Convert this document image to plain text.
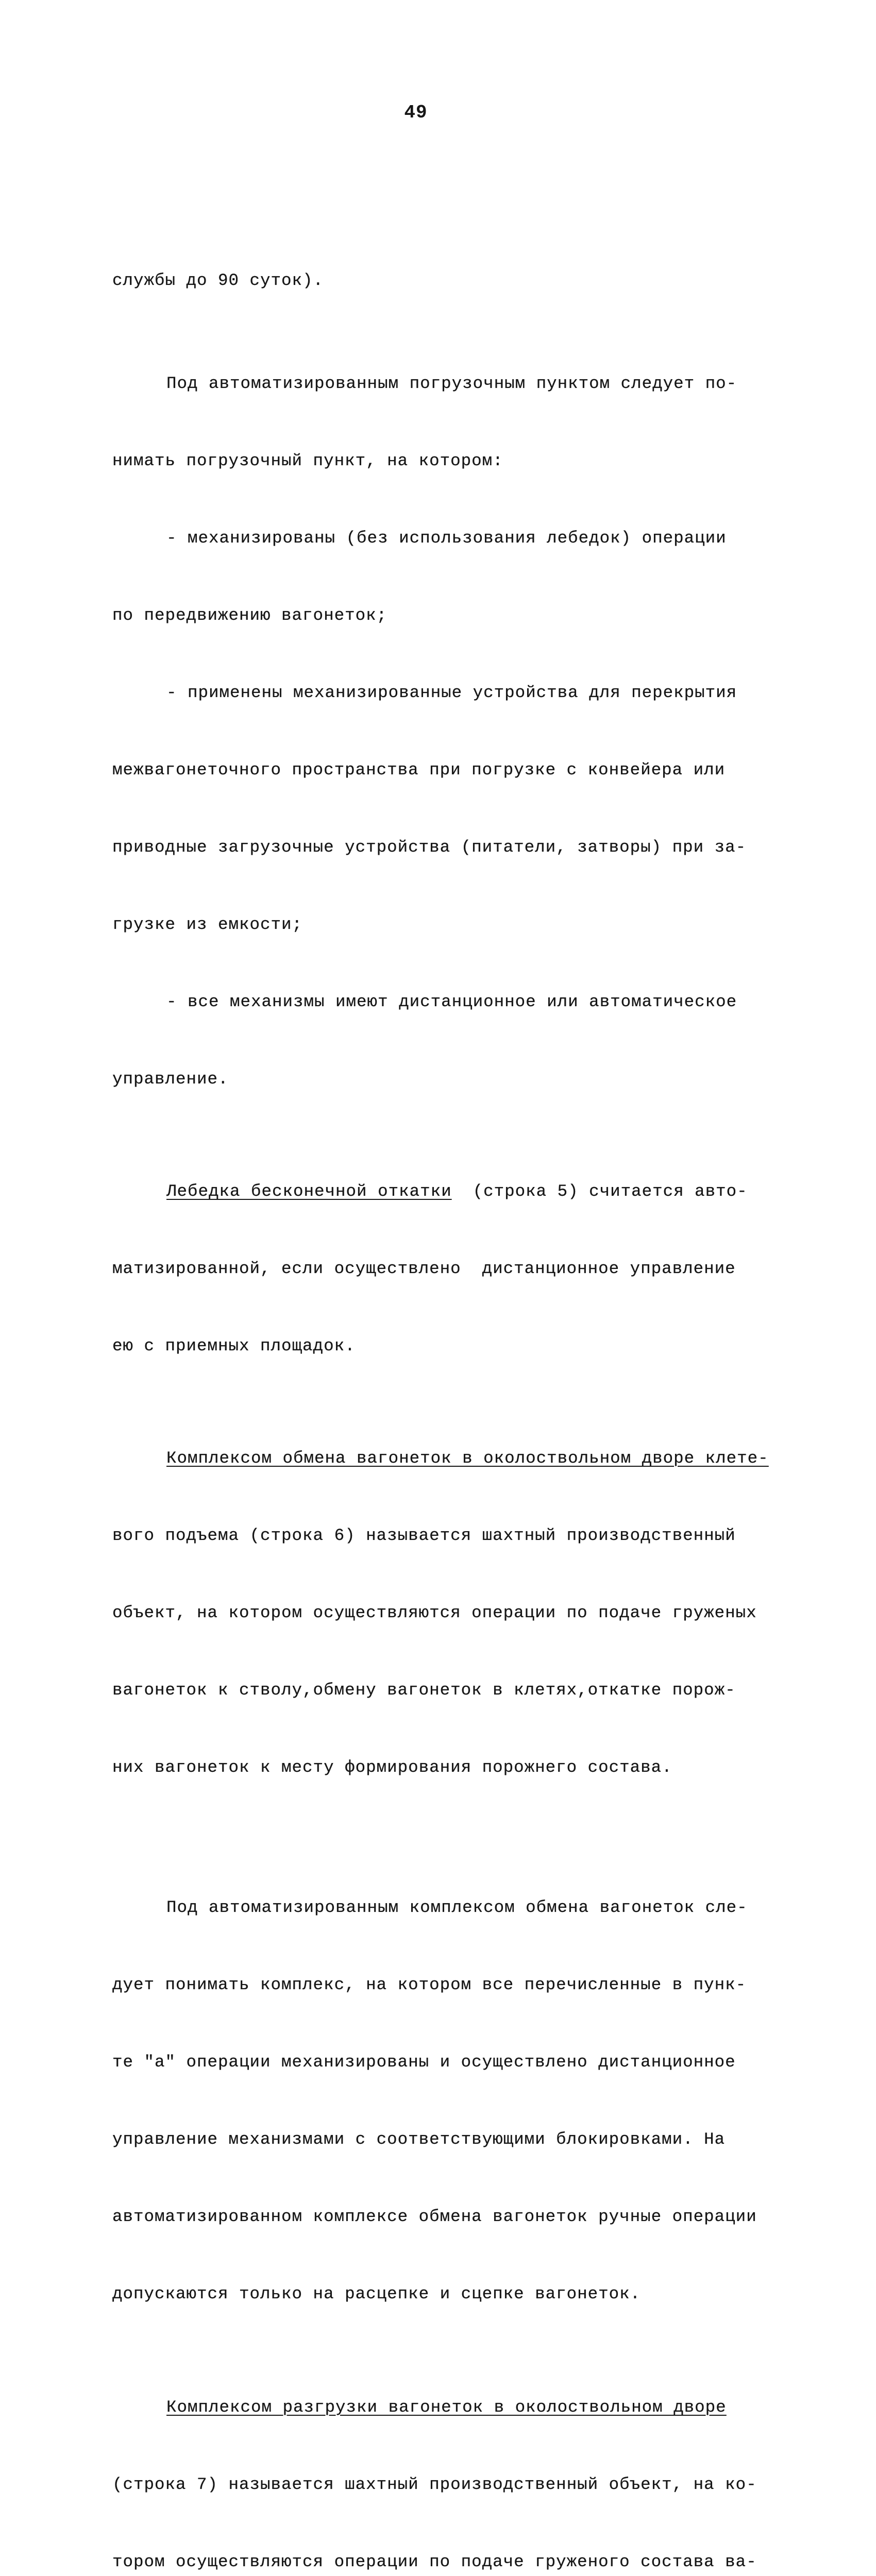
49

службы до 90 суток).

Под автоматизированным погрузочным пунктом следует по-

нимать погрузочный пункт, на котором:

- механизированы (без использования лебедок) операции

по передвижению вагонеток;

- применены механизированные устройства для перекрытия

межвагонеточного пространства при погрузке с конвейера или

приводные загрузочные устройства (питатели, затворы) при за-

грузке из емкости;

- все механизмы имеют дистанционное или автоматическое

управление.

Лебедка бесконечной откатки  (строка 5) считается авто-

матизированной, если осуществлено  дистанционное управление

ею с приемных площадок.

Комплексом обмена вагонеток в околоствольном дворе клете-

вого подъема (строка 6) называется шахтный производственный

объект, на котором осуществляются операции по подаче груженых

вагонеток к стволу,обмену вагонеток в клетях,откатке порож-

них вагонеток к месту формирования порожнего состава.

Под автоматизированным комплексом обмена вагонеток сле-

дует понимать комплекс, на котором все перечисленные в пунк-

те "а" операции механизированы и осуществлено дистанционное

управление механизмами с соответствующими блокировками. На

автоматизированном комплексе обмена вагонеток ручные операции

допускаются только на расцепке и сцепке вагонеток.

Комплексом разгрузки вагонеток в околоствольном дворе

(строка 7) называется шахтный производственный объект, на ко-

тором осуществляются операции по подаче груженого состава ва-
